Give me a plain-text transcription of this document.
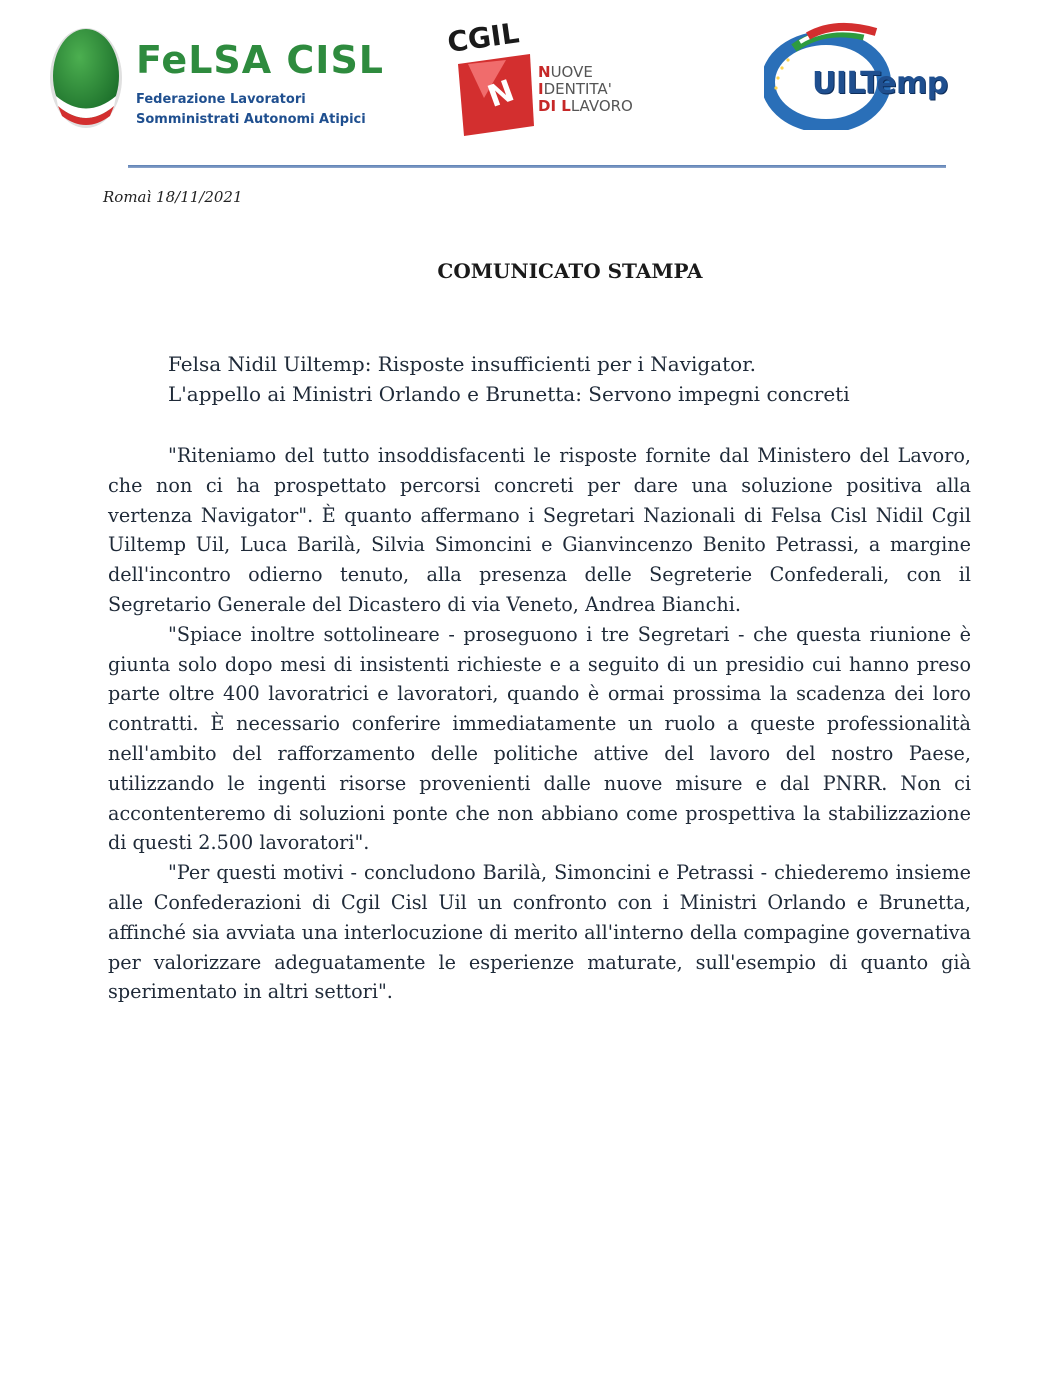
FeLSA CISL
Federazione Lavoratori
Somministrati Autonomi Atipici
CGIL
N
NUOVE
IDENTITA'
DI LLAVORO
UILTemp
Romaì 18/11/2021
COMUNICATO STAMPA
Felsa Nidil Uiltemp: Risposte insufficienti per i Navigator.
L'appello ai Ministri Orlando e Brunetta: Servono impegni concreti

"Riteniamo del tutto insoddisfacenti le risposte fornite dal Ministero del Lavoro, che non ci ha prospettato percorsi concreti per dare una soluzione positiva alla vertenza Navigator". È quanto affermano i Segretari Nazionali di Felsa Cisl Nidil Cgil Uiltemp Uil, Luca Barilà, Silvia Simoncini e Gianvincenzo Benito Petrassi, a margine dell'incontro odierno tenuto, alla presenza delle Segreterie Confederali, con il Segretario Generale del Dicastero di via Veneto, Andrea Bianchi.

"Spiace inoltre sottolineare - proseguono i tre Segretari - che questa riunione è giunta solo dopo mesi di insistenti richieste e a seguito di un presidio cui hanno preso parte oltre 400 lavoratrici e lavoratori, quando è ormai prossima la scadenza dei loro contratti. È necessario conferire immediatamente un ruolo a queste professionalità nell'ambito del rafforzamento delle politiche attive del lavoro del nostro Paese, utilizzando le ingenti risorse provenienti dalle nuove misure e dal PNRR. Non ci accontenteremo di soluzioni ponte che non abbiano come prospettiva la stabilizzazione di questi 2.500 lavoratori".

"Per questi motivi - concludono Barilà, Simoncini e Petrassi - chiederemo insieme alle Confederazioni di Cgil Cisl Uil un confronto con i Ministri Orlando e Brunetta, affinché sia avviata una interlocuzione di merito all'interno della compagine governativa per valorizzare adeguatamente le esperienze maturate, sull'esempio di quanto già sperimentato in altri settori".
